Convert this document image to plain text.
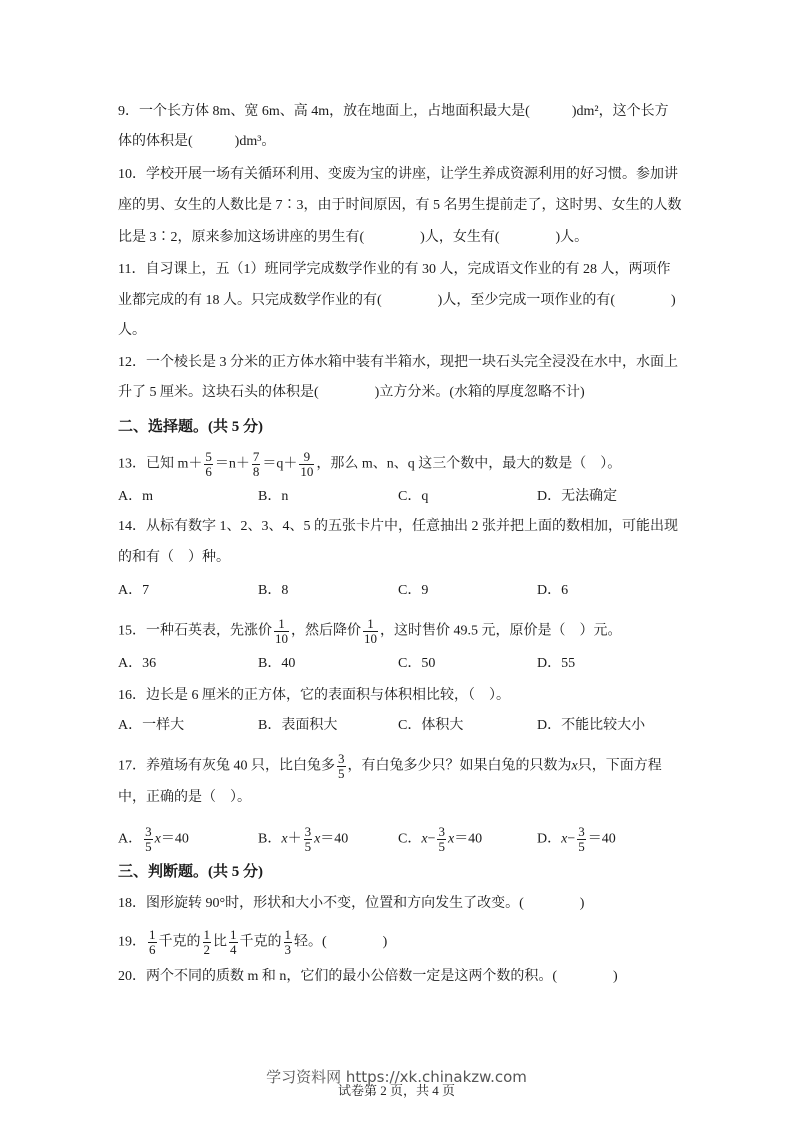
9．一个长方体 8m、宽 6m、高 4m，放在地面上，占地面积最大是(　　　)dm²，这个长方
体的体积是(　　　)dm³。
10．学校开展一场有关循环利用、变废为宝的讲座，让学生养成资源利用的好习惯。参加讲
座的男、女生的人数比是 7∶3，由于时间原因，有 5 名男生提前走了，这时男、女生的人数
比是 3∶2，原来参加这场讲座的男生有(　　　　)人，女生有(　　　　)人。
11．自习课上，五（1）班同学完成数学作业的有 30 人，完成语文作业的有 28 人，两项作
业都完成的有 18 人。只完成数学作业的有(　　　　)人，至少完成一项作业的有(　　　　)
人。
12．一个棱长是 3 分米的正方体水箱中装有半箱水，现把一块石头完全浸没在水中，水面上
升了 5 厘米。这块石头的体积是(　　　　)立方分米。(水箱的厚度忽略不计)
二、选择题。(共 5 分)
13．已知 $m+ \frac{5}{6} =n+ \frac{7}{8} =q+ \frac{9}{10}$ ，那么 m、n、q 这三个数中，最大的数是（　）。
A．m	B．n	C．q	D．无法确定
14．从标有数字 1、2、3、4、5 的五张卡片中，任意抽出 2 张并把上面的数相加，可能出现
的和有（　）种。
A．7	B．8	C．9	D．6
15．一种石英表，先涨价 $\frac{1}{10}$ ，然后降价 $\frac{1}{10}$ ，这时售价 49.5 元，原价是（　）元。
A．36	B．40	C．50	D．55
16．边长是 6 厘米的正方体，它的表面积与体积相比较，（　）。
A．一样大	B．表面积大	C．体积大	D．不能比较大小
17．养殖场有灰兔 40 只，比白兔多 $\frac{3}{5}$ ，有白兔多少只？如果白兔的只数为x只，下面方程
中，正确的是（　）。
A． $\frac{3}{5} x=40$	B．$x+ \frac{3}{5} x=40$	C．$x- \frac{3}{5} x=40$	D．$x- \frac{3}{5} =40$
三、判断题。(共 5 分)
18．图形旋转 90°时，形状和大小不变，位置和方向发生了改变。(　　　　)
19． $\frac{1}{6}$ 千克的 $\frac{1}{2}$ 比 $\frac{1}{4}$ 千克的 $\frac{1}{3}$ 轻。(　　　　)
20．两个不同的质数 m 和 n，它们的最小公倍数一定是这两个数的积。(　　　　)
学习资料网 https://xk.chinakzw.com
试卷第 2 页，共 4 页
